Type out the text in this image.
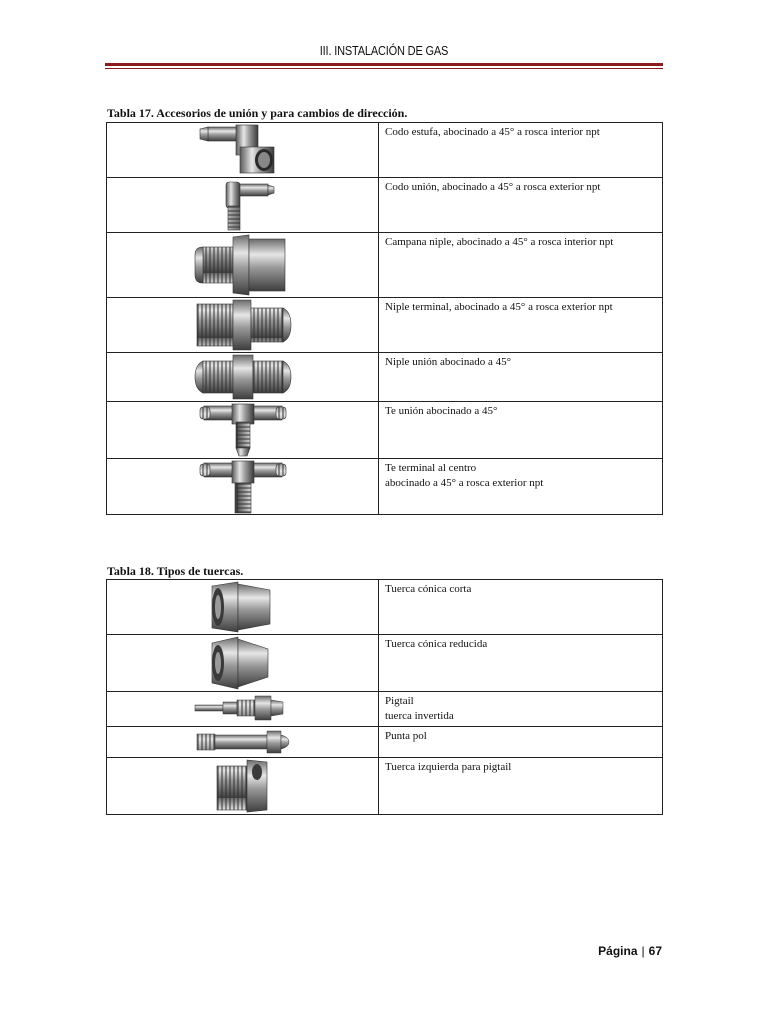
III. INSTALACIÓN DE GAS
Tabla 17. Accesorios de unión y para cambios de dirección.

Codo estufa, abocinado a 45° a rosca interior npt

Codo unión, abocinado a 45° a rosca exterior npt

Campana niple, abocinado a 45° a rosca interior npt

Niple terminal, abocinado a 45° a rosca exterior npt

Niple unión abocinado a 45°

Te unión abocinado a 45°

Te terminal al centro
abocinado a 45° a rosca exterior npt
Tabla 18. Tipos de tuercas.

Tuerca cónica corta

Tuerca cónica reducida

Pigtail
tuerca invertida

Punta pol

Tuerca izquierda para pigtail
Página | 67
